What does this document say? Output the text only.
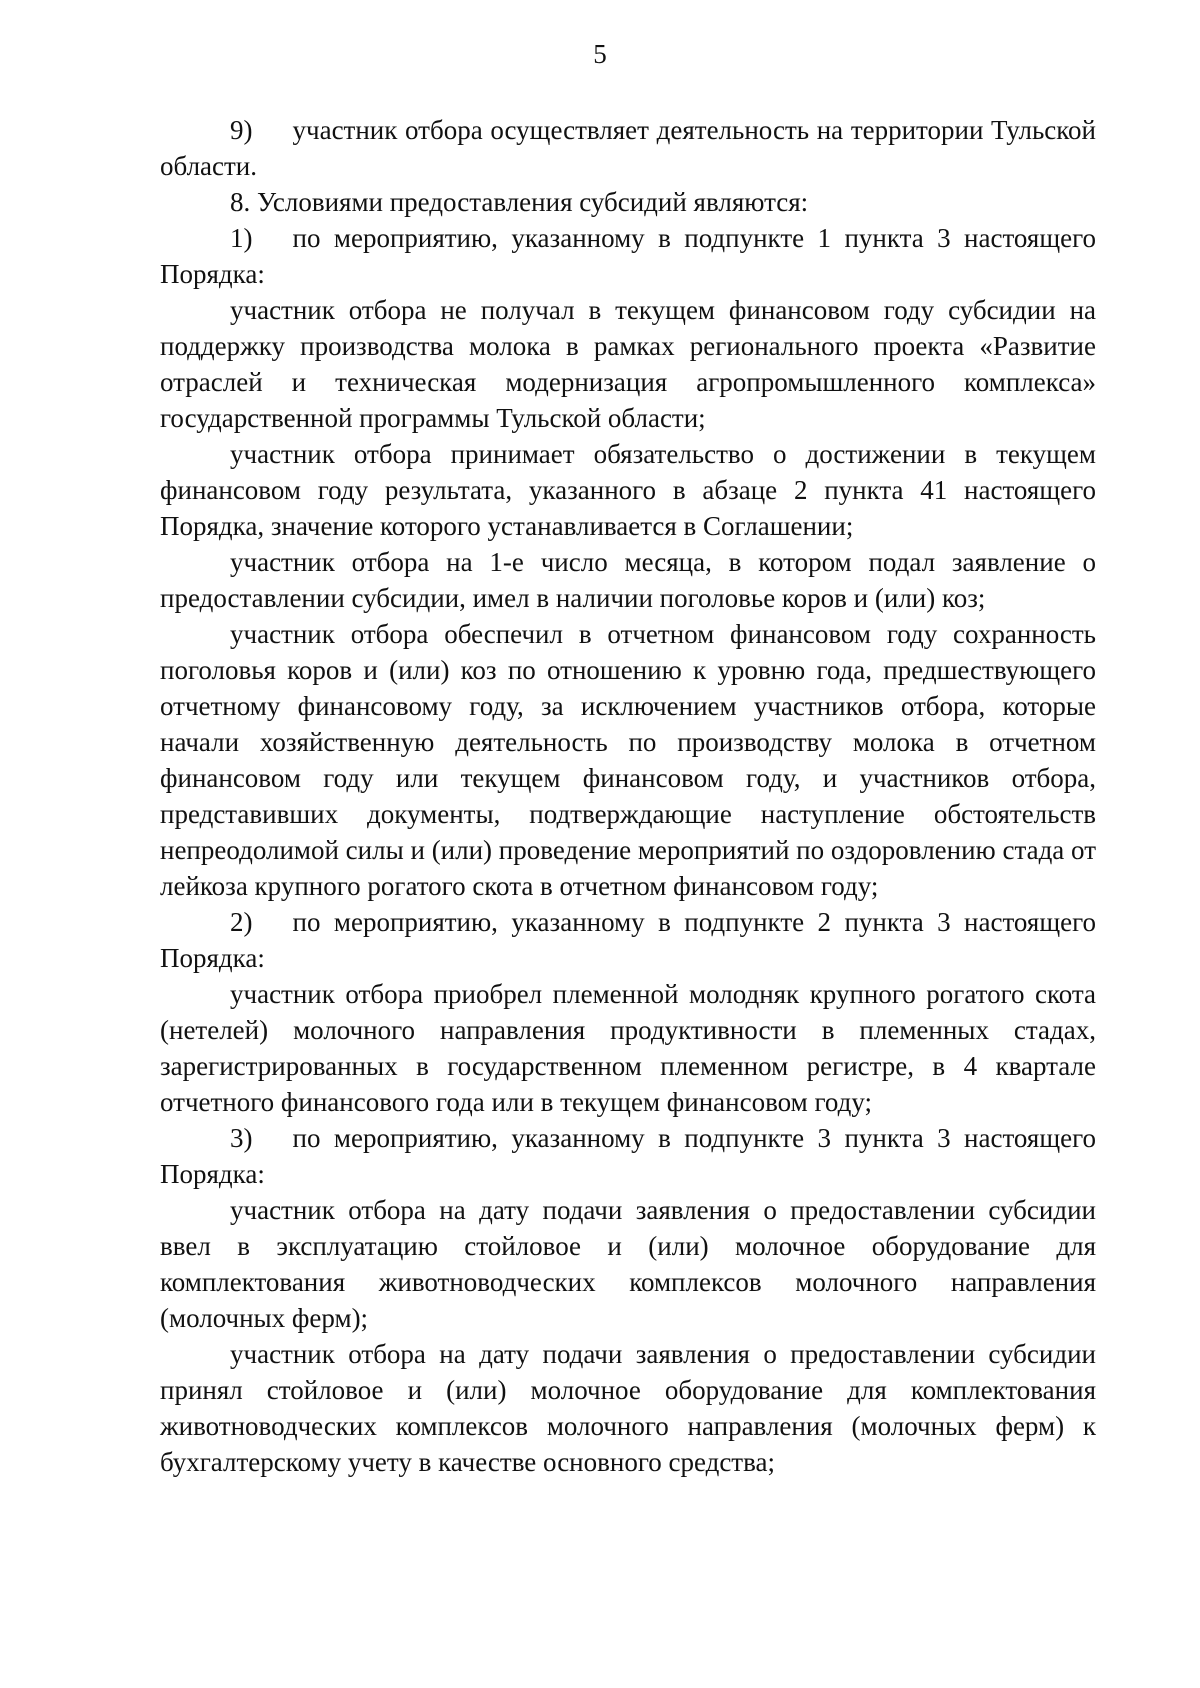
5

9) участник отбора осуществляет деятельность на территории Тульской области.

8. Условиями предоставления субсидий являются:

1) по мероприятию, указанному в подпункте 1 пункта 3 настоящего Порядка:

участник отбора не получал в текущем финансовом году субсидии на поддержку производства молока в рамках регионального проекта «Развитие отраслей и техническая модернизация агропромышленного комплекса» государственной программы Тульской области;

участник отбора принимает обязательство о достижении в текущем финансовом году результата, указанного в абзаце 2 пункта 41 настоящего Порядка, значение которого устанавливается в Соглашении;

участник отбора на 1-е число месяца, в котором подал заявление о предоставлении субсидии, имел в наличии поголовье коров и (или) коз;

участник отбора обеспечил в отчетном финансовом году сохранность поголовья коров и (или) коз по отношению к уровню года, предшествующего отчетному финансовому году, за исключением участников отбора, которые начали хозяйственную деятельность по производству молока в отчетном финансовом году или текущем финансовом году, и участников отбора, представивших документы, подтверждающие наступление обстоятельств непреодолимой силы и (или) проведение мероприятий по оздоровлению стада от лейкоза крупного рогатого скота в отчетном финансовом году;

2) по мероприятию, указанному в подпункте 2 пункта 3 настоящего Порядка:

участник отбора приобрел племенной молодняк крупного рогатого скота (нетелей) молочного направления продуктивности в племенных стадах, зарегистрированных в государственном племенном регистре, в 4 квартале отчетного финансового года или в текущем финансовом году;

3) по мероприятию, указанному в подпункте 3 пункта 3 настоящего Порядка:

участник отбора на дату подачи заявления о предоставлении субсидии ввел в эксплуатацию стойловое и (или) молочное оборудование для комплектования животноводческих комплексов молочного направления (молочных ферм);

участник отбора на дату подачи заявления о предоставлении субсидии принял стойловое и (или) молочное оборудование для комплектования животноводческих комплексов молочного направления (молочных ферм) к бухгалтерскому учету в качестве основного средства;
